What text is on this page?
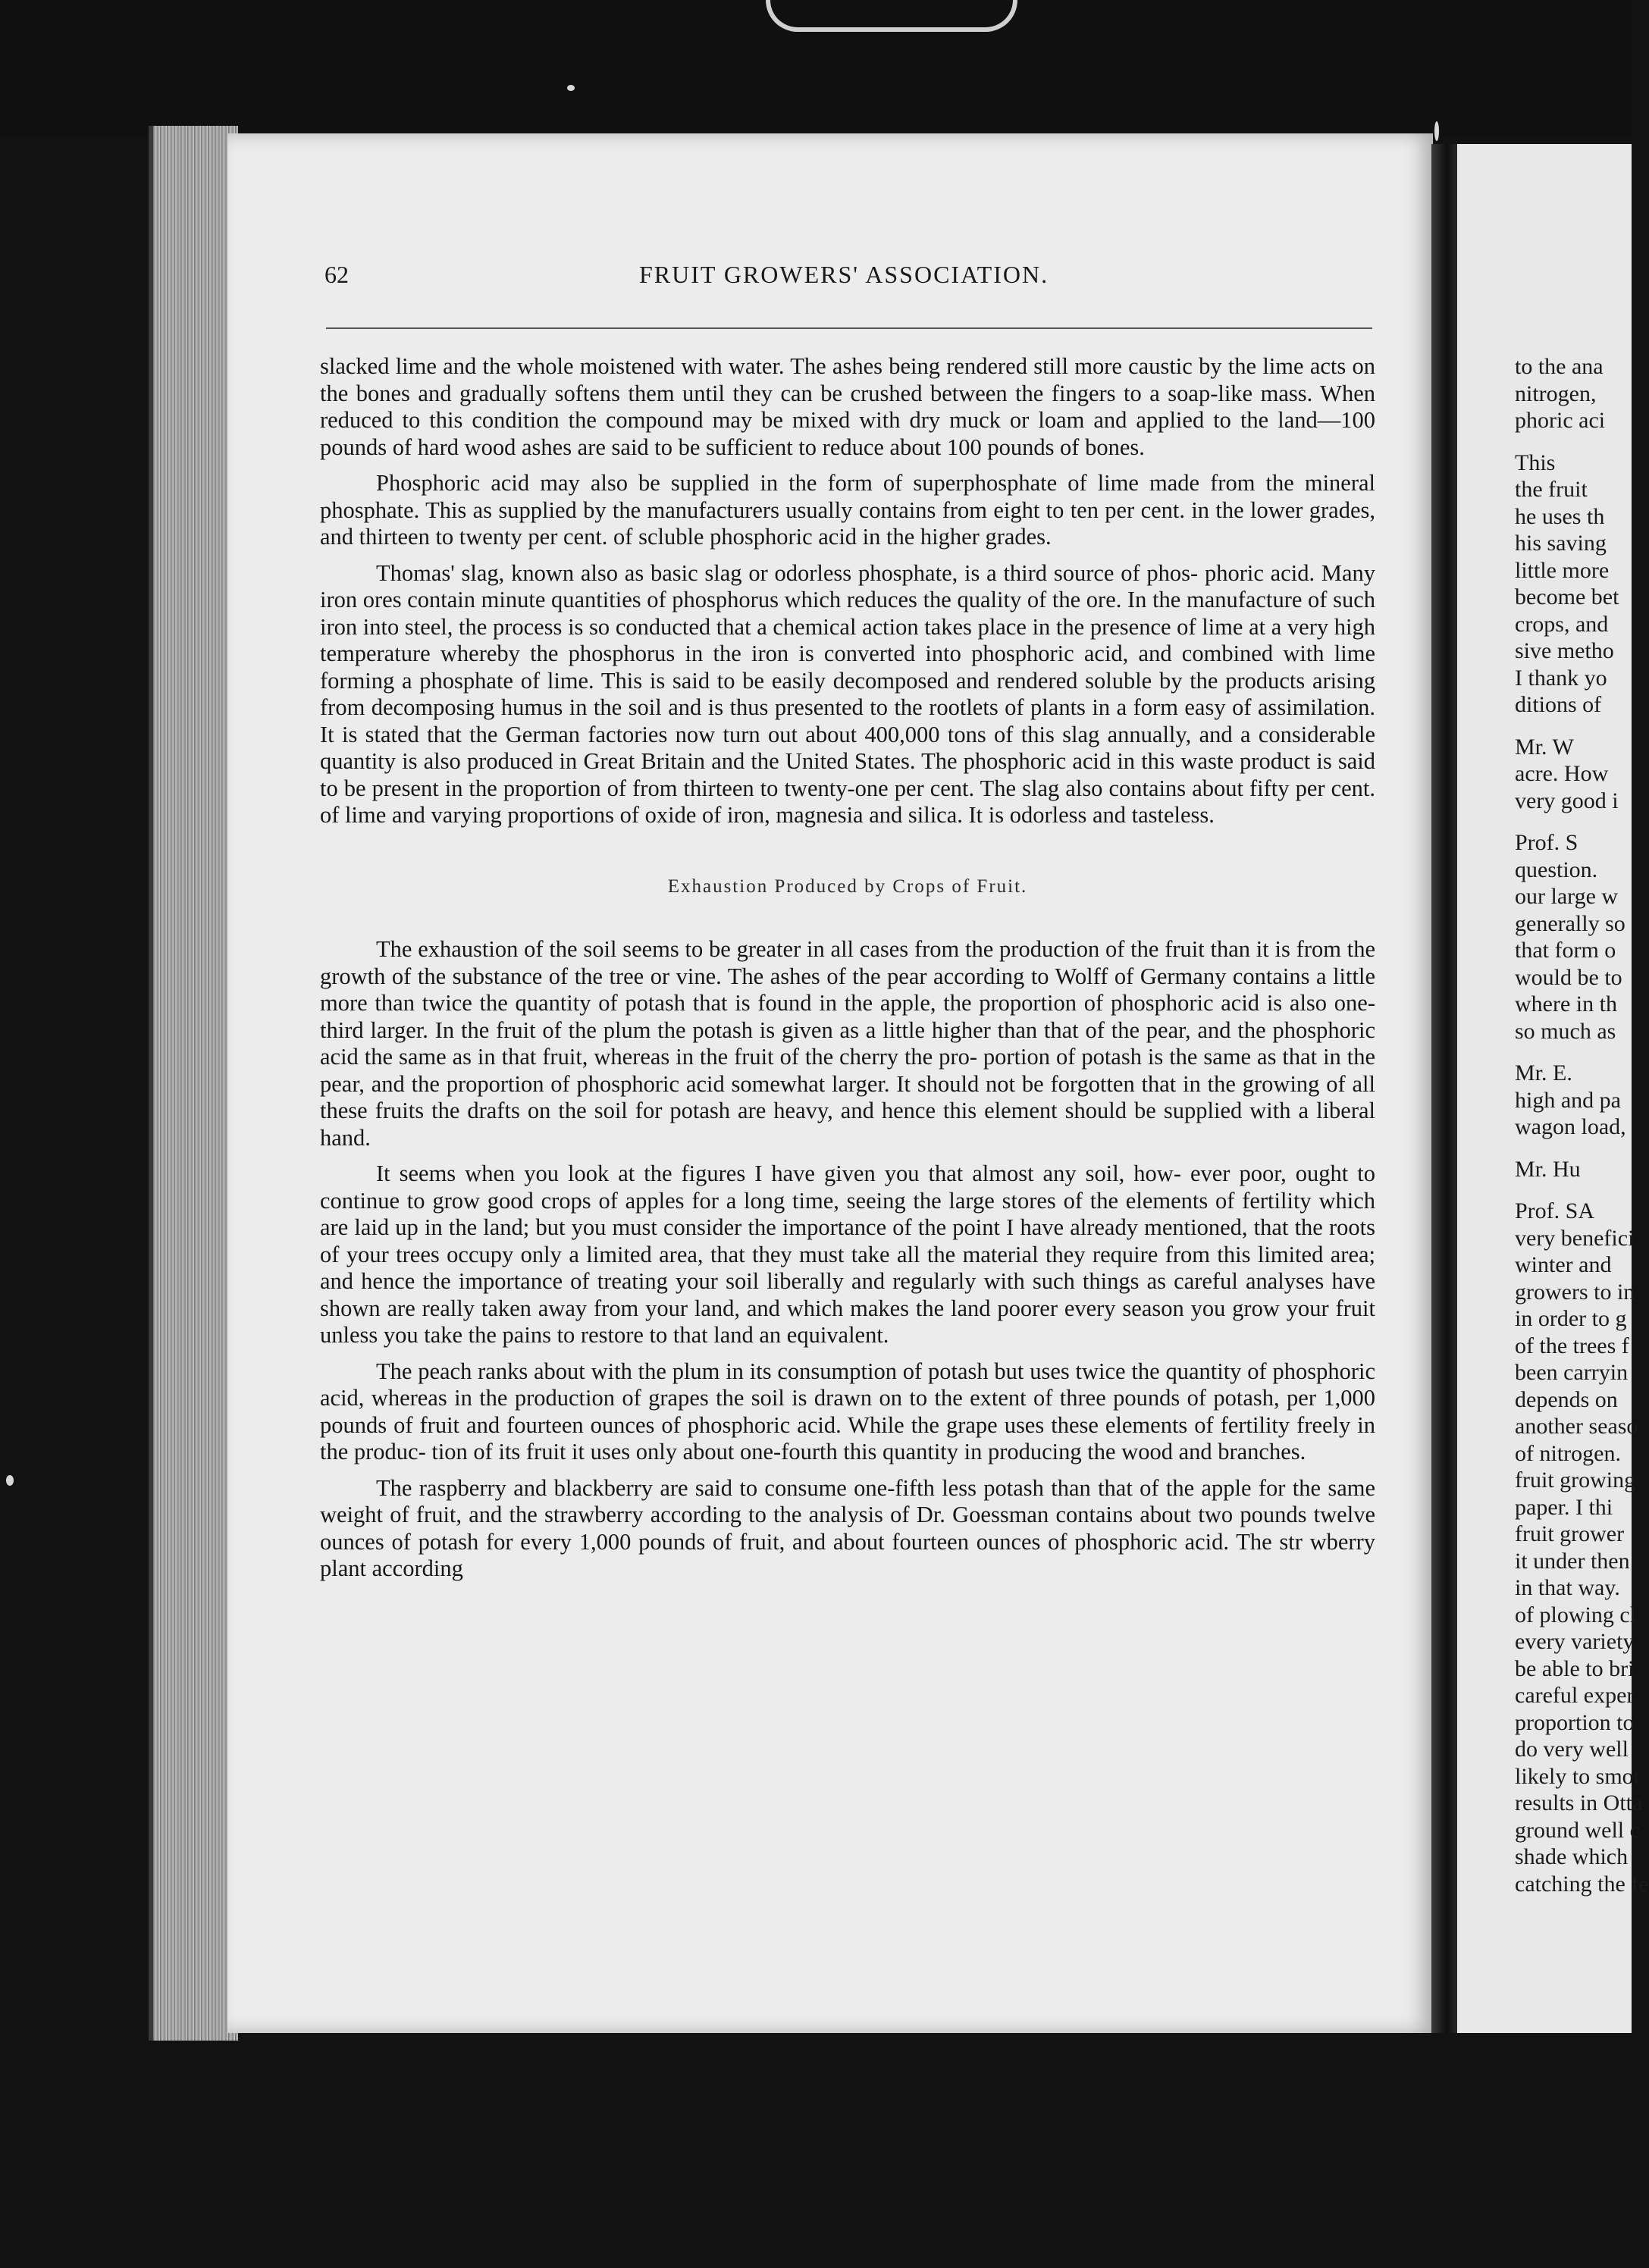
62	FRUIT GROWERS' ASSOCIATION.

slacked lime and the whole moistened with water. The ashes being rendered still more caustic by the lime acts on the bones and gradually softens them until they can be crushed between the fingers to a soap-like mass. When reduced to this condition the compound may be mixed with dry muck or loam and applied to the land—100 pounds of hard wood ashes are said to be sufficient to reduce about 100 pounds of bones.

Phosphoric acid may also be supplied in the form of superphosphate of lime made from the mineral phosphate. This as supplied by the manufacturers usually contains from eight to ten per cent. in the lower grades, and thirteen to twenty per cent. of scluble phosphoric acid in the higher grades.

Thomas' slag, known also as basic slag or odorless phosphate, is a third source of phos- phoric acid. Many iron ores contain minute quantities of phosphorus which reduces the quality of the ore. In the manufacture of such iron into steel, the process is so conducted that a chemical action takes place in the presence of lime at a very high temperature whereby the phosphorus in the iron is converted into phosphoric acid, and combined with lime forming a phosphate of lime. This is said to be easily decomposed and rendered soluble by the products arising from decomposing humus in the soil and is thus presented to the rootlets of plants in a form easy of assimilation. It is stated that the German factories now turn out about 400,000 tons of this slag annually, and a considerable quantity is also produced in Great Britain and the United States. The phosphoric acid in this waste product is said to be present in the proportion of from thirteen to twenty-one per cent. The slag also contains about fifty per cent. of lime and varying proportions of oxide of iron, magnesia and silica. It is odorless and tasteless.

Exhaustion Produced by Crops of Fruit.

The exhaustion of the soil seems to be greater in all cases from the production of the fruit than it is from the growth of the substance of the tree or vine. The ashes of the pear according to Wolff of Germany contains a little more than twice the quantity of potash that is found in the apple, the proportion of phosphoric acid is also one-third larger. In the fruit of the plum the potash is given as a little higher than that of the pear, and the phosphoric acid the same as in that fruit, whereas in the fruit of the cherry the pro- portion of potash is the same as that in the pear, and the proportion of phosphoric acid somewhat larger. It should not be forgotten that in the growing of all these fruits the drafts on the soil for potash are heavy, and hence this element should be supplied with a liberal hand.

It seems when you look at the figures I have given you that almost any soil, how- ever poor, ought to continue to grow good crops of apples for a long time, seeing the large stores of the elements of fertility which are laid up in the land; but you must consider the importance of the point I have already mentioned, that the roots of your trees occupy only a limited area, that they must take all the material they require from this limited area; and hence the importance of treating your soil liberally and regularly with such things as careful analyses have shown are really taken away from your land, and which makes the land poorer every season you grow your fruit unless you take the pains to restore to that land an equivalent.

The peach ranks about with the plum in its consumption of potash but uses twice the quantity of phosphoric acid, whereas in the production of grapes the soil is drawn on to the extent of three pounds of potash, per 1,000 pounds of fruit and fourteen ounces of phosphoric acid. While the grape uses these elements of fertility freely in the produc- tion of its fruit it uses only about one-fourth this quantity in producing the wood and branches.

The raspberry and blackberry are said to consume one-fifth less potash than that of the apple for the same weight of fruit, and the strawberry according to the analysis of Dr. Goessman contains about two pounds twelve ounces of potash for every 1,000 pounds of fruit, and about fourteen ounces of phosphoric acid. The str wberry plant according

to the ana
nitrogen,
phoric aci
This
the fruit
he uses th
his saving
little more
become bet
crops, and
sive metho
I thank yo
ditions of
Mr. W
acre. How
very good i
Prof. S
question.
our large w
generally so
that form o
would be to
where in th
so much as
Mr. E.
high and pa
wagon load,
Mr. Hu
Prof. SA
very benefici
winter and
growers to in
in order to g
of the trees f
been carryin
depends on
another seaso
of nitrogen.
fruit growing
paper. I thi
fruit grower
it under then
in that way.
of plowing cl
every variety
be able to bri
careful exper
proportion to
do very well
likely to smot
results in Otta
ground well c
shade which
catching the fe
